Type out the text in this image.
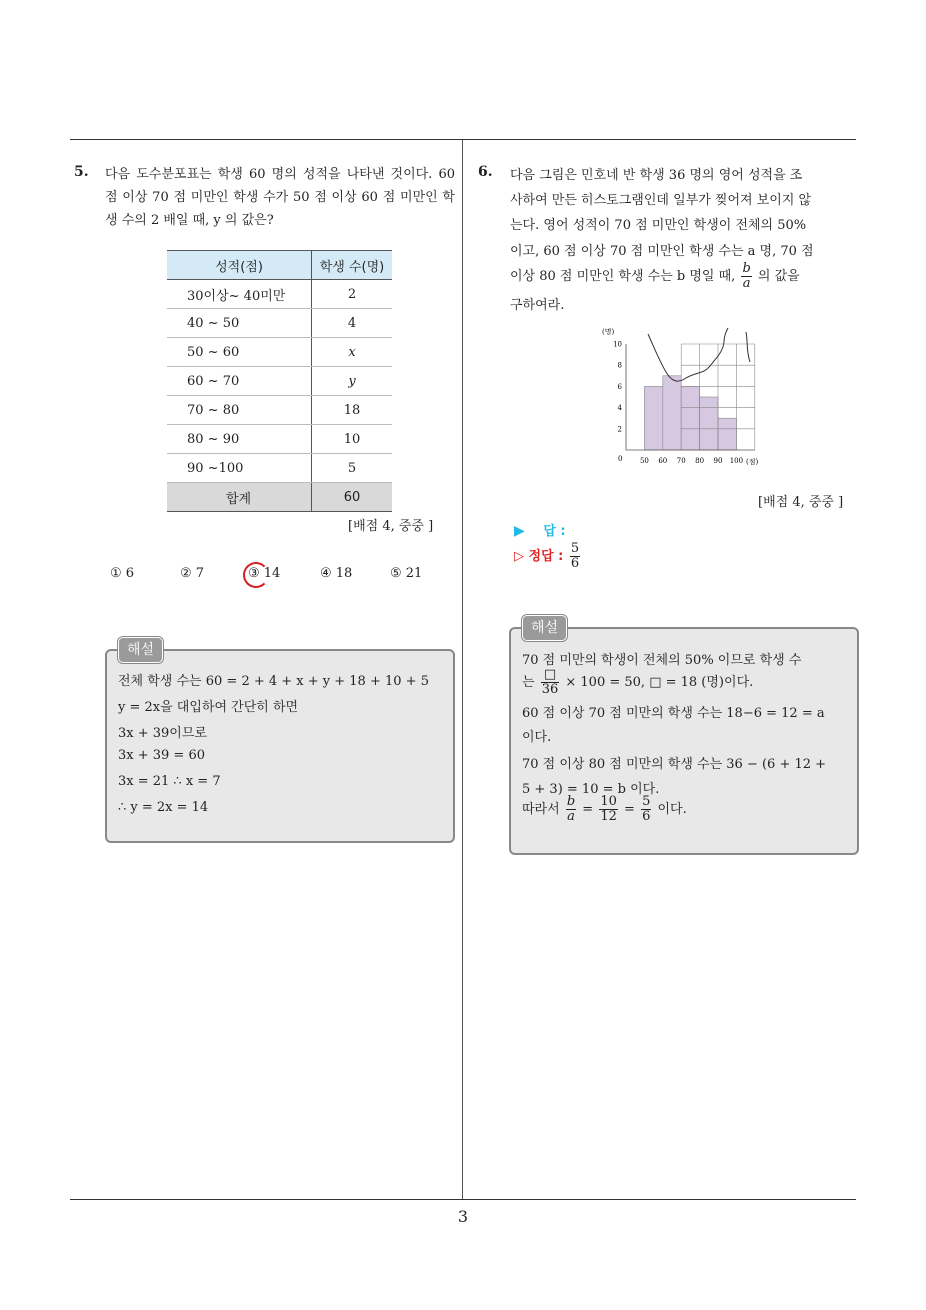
5. 다음 도수분포표는 학생 60 명의 성적을 나타낸 것이다. 60 점 이상 70 점 미만인 학생 수가 50 점 이상 60 점 미만인 학생 수의 2 배일 때, y 의 값은?
성적(점)	학생 수(명)
30이상~ 40미만	2
40 ~ 50	4
50 ~ 60	x
60 ~ 70	y
70 ~ 80	18
80 ~ 90	10
90 ~100	5
합계	60
[배점 4, 중중 ]
① 6	② 7	③ 14	④ 18	⑤ 21
해설
전체 학생 수는 60 = 2 + 4 + x + y + 18 + 10 + 5
y = 2x을 대입하여 간단히 하면
3x + 39이므로
3x + 39 = 60
3x = 21 ∴ x = 7
∴ y = 2x = 14
6. 다음 그림은 민호네 반 학생 36 명의 영어 성적을 조
사하여 만든 히스토그램인데 일부가 찢어져 보이지 않
는다. 영어 성적이 70 점 미만인 학생이 전체의 50%
이고, 60 점 이상 70 점 미만인 학생 수는 a 명, 70 점
이상 80 점 미만인 학생 수는 b 명일 때, $\frac{b}{a}$ 의 값을
구하여라.
(명)
(점)
0
2
4
6
8
10
50 60 70 80 90 100
[배점 4, 중중 ]
▶ 답 :
▷ 정답 : $\frac{5}{6}$
해설
70 점 미만의 학생이 전체의 50% 이므로 학생 수
는 $\frac{□}{36} \times 100 = 50$, □ = 18 (명)이다.
60 점 이상 70 점 미만의 학생 수는 18−6 = 12 = a
이다.
70 점 이상 80 점 미만의 학생 수는 36 − (6 + 12 +
5 + 3) = 10 = b 이다.
따라서 $\frac{b}{a} = \frac{10}{12} = \frac{5}{6}$ 이다.
3
